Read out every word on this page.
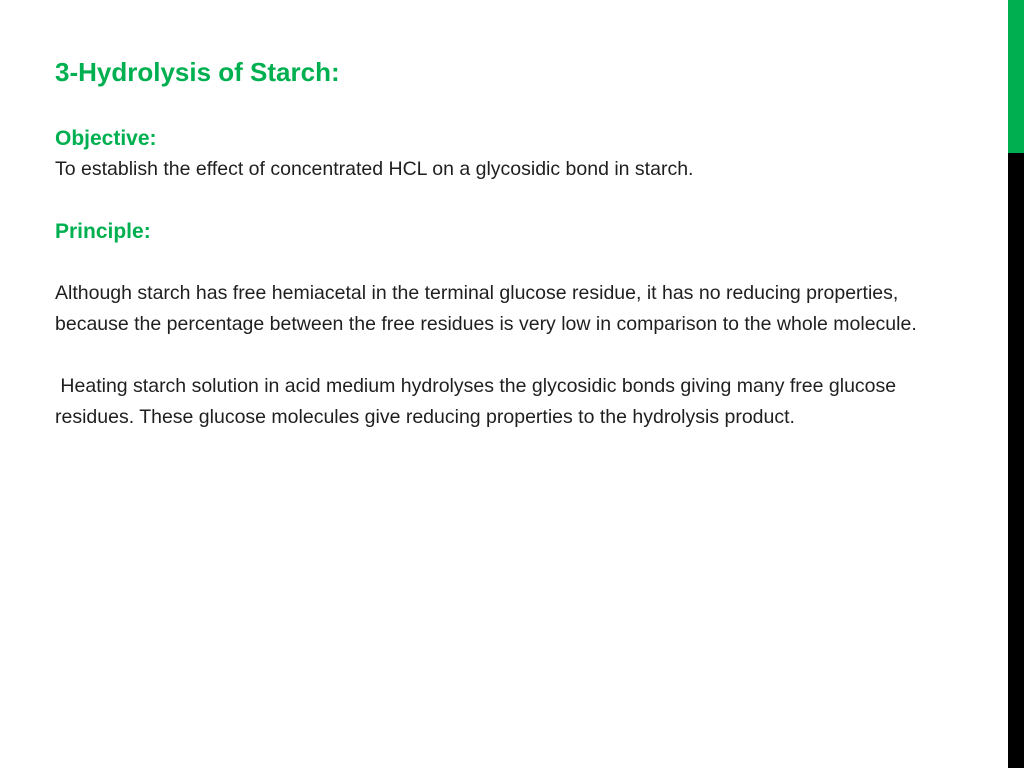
3-Hydrolysis of Starch:
Objective:

To establish the effect of concentrated HCL on a glycosidic bond in starch.

Principle:

Although starch has free hemiacetal in the terminal glucose residue, it has no reducing properties, because the percentage between the free residues is very low in comparison to the whole molecule.

Heating starch solution in acid medium hydrolyses the glycosidic bonds giving many free glucose residues. These glucose molecules give reducing properties to the hydrolysis product.
